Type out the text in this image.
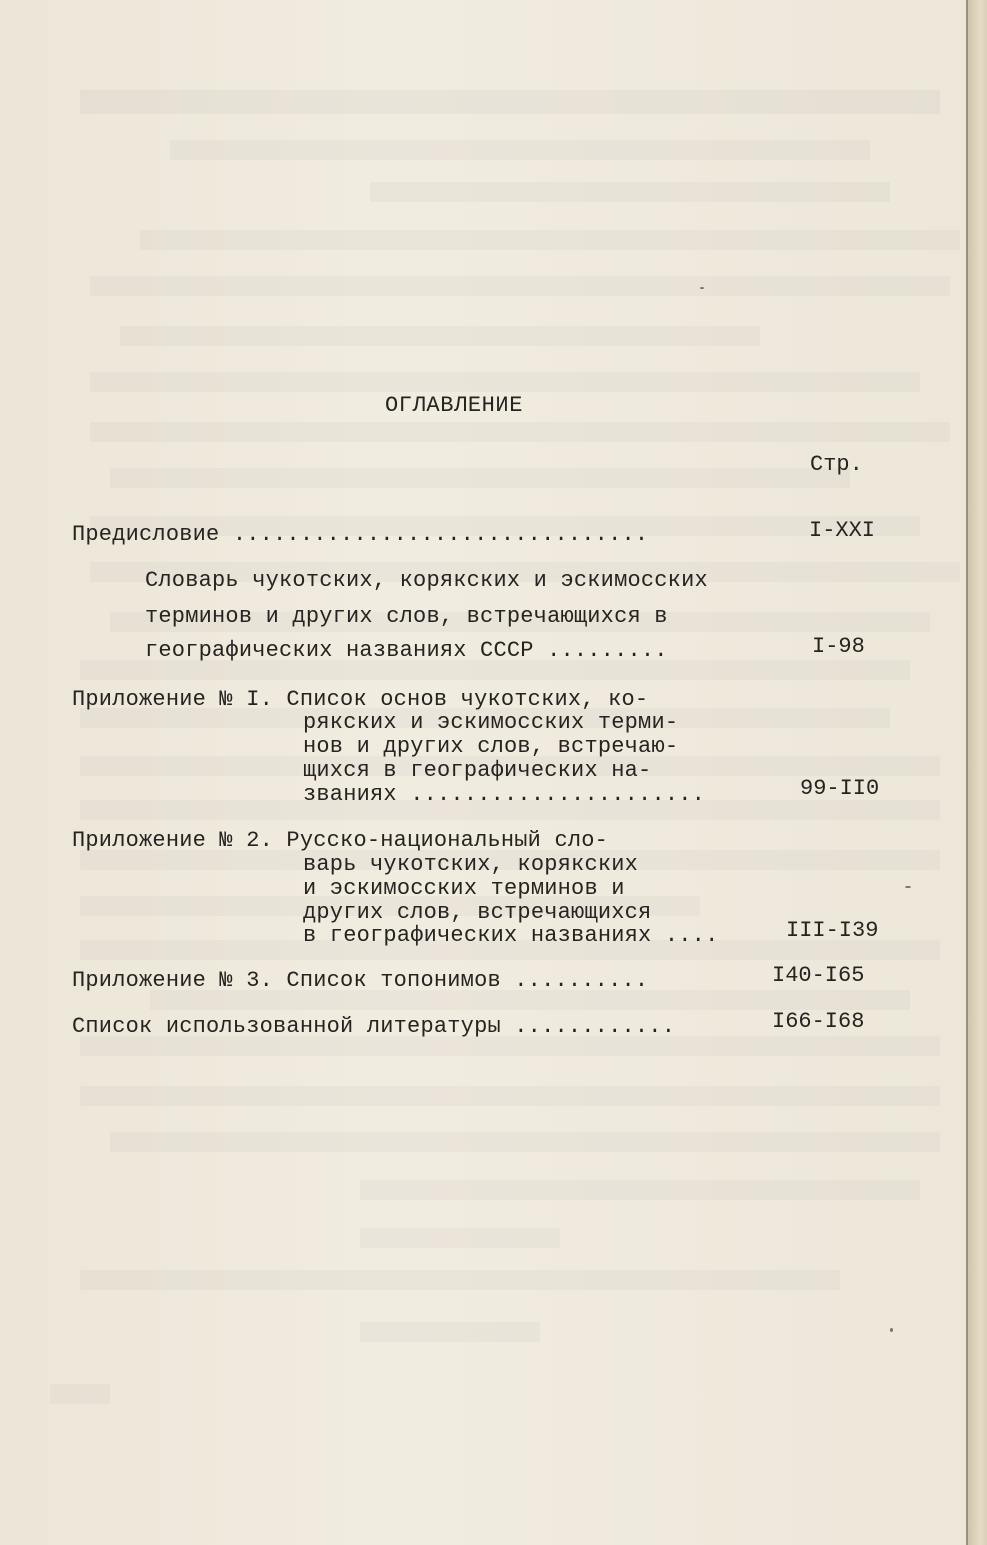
ОГЛАВЛЕНИЕ
Стр.
Предисловие ...............................	I-XXI
Словарь чукотских, корякских и эскимосских
терминов и других слов, встречающихся в
географических названиях СССР .........	I-98
Приложение № I. Список основ чукотских, ко-
рякских и эскимосских терми-
нов и других слов, встречаю-
щихся в географических на-
званиях ......................	99-II0
Приложение № 2. Русско-национальный сло-
варь чукотских, корякских
и эскимосских терминов и
других слов, встречающихся
в географических названиях ....	III-I39
Приложение № 3. Список топонимов ..........	I40-I65
Список использованной литературы ............	I66-I68
